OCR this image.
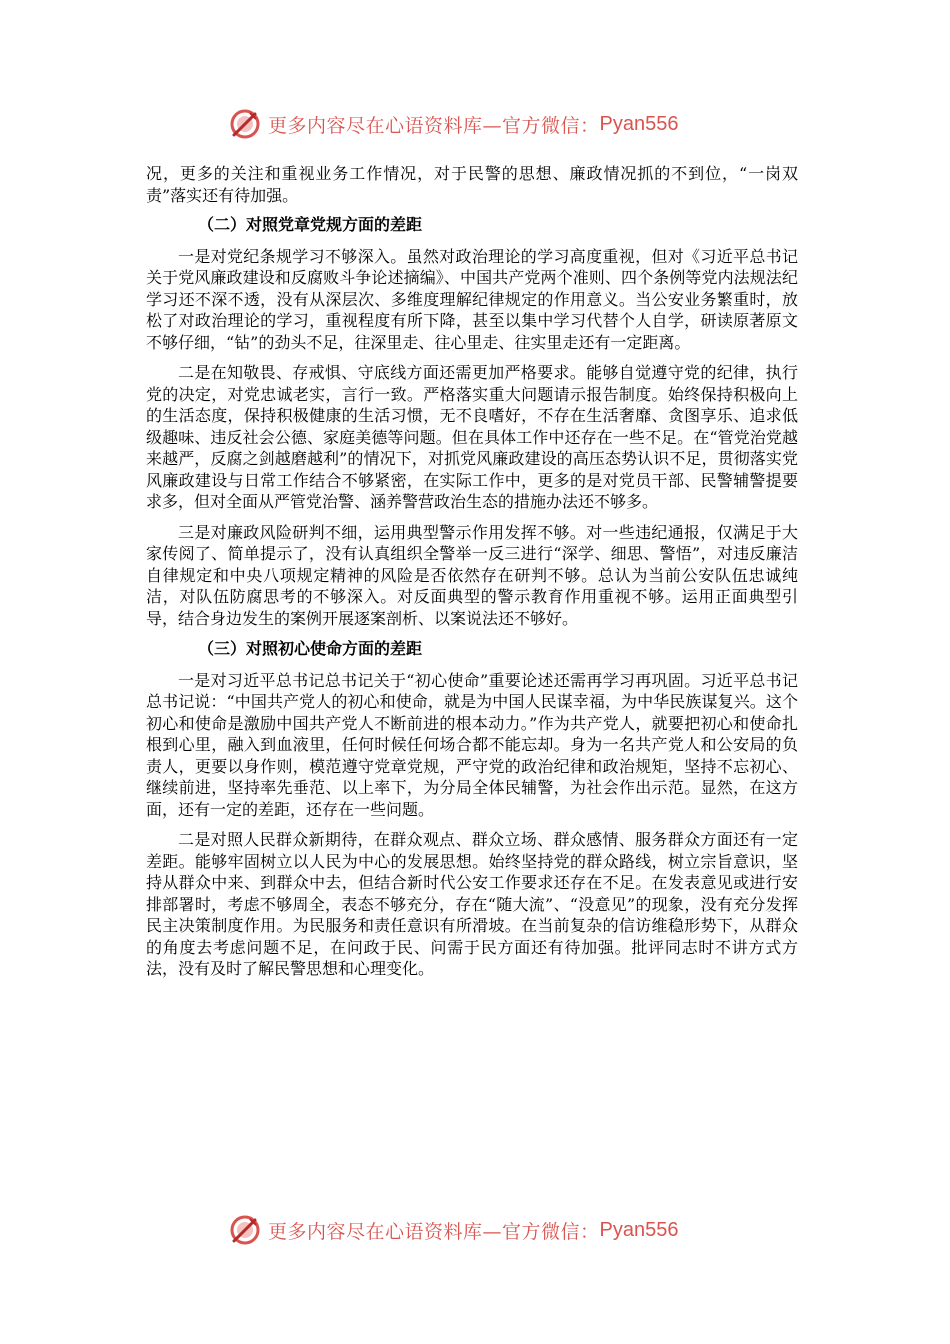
更多内容尽在心语资料库—官方微信： Pyan556

况，更多的关注和重视业务工作情况，对于民警的思想、廉政情况抓的不到位，“一岗双责”落实还有待加强。

（二）对照党章党规方面的差距

一是对党纪条规学习不够深入。虽然对政治理论的学习高度重视，但对《习近平总书记关于党风廉政建设和反腐败斗争论述摘编》、中国共产党两个准则、四个条例等党内法规法纪学习还不深不透，没有从深层次、多维度理解纪律规定的作用意义。当公安业务繁重时，放松了对政治理论的学习，重视程度有所下降，甚至以集中学习代替个人自学，研读原著原文不够仔细，“钻”的劲头不足，往深里走、往心里走、往实里走还有一定距离。

二是在知敬畏、存戒惧、守底线方面还需更加严格要求。能够自觉遵守党的纪律，执行党的决定，对党忠诚老实，言行一致。严格落实重大问题请示报告制度。始终保持积极向上的生活态度，保持积极健康的生活习惯，无不良嗜好，不存在生活奢靡、贪图享乐、追求低级趣味、违反社会公德、家庭美德等问题。但在具体工作中还存在一些不足。在“管党治党越来越严，反腐之剑越磨越利”的情况下，对抓党风廉政建设的高压态势认识不足，贯彻落实党风廉政建设与日常工作结合不够紧密，在实际工作中，更多的是对党员干部、民警辅警提要求多，但对全面从严管党治警、涵养警营政治生态的措施办法还不够多。

三是对廉政风险研判不细，运用典型警示作用发挥不够。对一些违纪通报，仅满足于大家传阅了、简单提示了，没有认真组织全警举一反三进行“深学、细思、警悟”，对违反廉洁自律规定和中央八项规定精神的风险是否依然存在研判不够。总认为当前公安队伍忠诚纯洁，对队伍防腐思考的不够深入。对反面典型的警示教育作用重视不够。运用正面典型引导，结合身边发生的案例开展逐案剖析、以案说法还不够好。

（三）对照初心使命方面的差距

一是对习近平总书记总书记关于“初心使命”重要论述还需再学习再巩固。习近平总书记总书记说：“中国共产党人的初心和使命，就是为中国人民谋幸福，为中华民族谋复兴。这个初心和使命是激励中国共产党人不断前进的根本动力。”作为共产党人，就要把初心和使命扎根到心里，融入到血液里，任何时候任何场合都不能忘却。身为一名共产党人和公安局的负责人，更要以身作则，模范遵守党章党规，严守党的政治纪律和政治规矩，坚持不忘初心、继续前进，坚持率先垂范、以上率下，为分局全体民辅警，为社会作出示范。显然，在这方面，还有一定的差距，还存在一些问题。

二是对照人民群众新期待，在群众观点、群众立场、群众感情、服务群众方面还有一定差距。能够牢固树立以人民为中心的发展思想。始终坚持党的群众路线，树立宗旨意识，坚持从群众中来、到群众中去，但结合新时代公安工作要求还存在不足。在发表意见或进行安排部署时，考虑不够周全，表态不够充分，存在“随大流”、“没意见”的现象，没有充分发挥民主决策制度作用。为民服务和责任意识有所滑坡。在当前复杂的信访维稳形势下，从群众的角度去考虑问题不足，在问政于民、问需于民方面还有待加强。批评同志时不讲方式方法，没有及时了解民警思想和心理变化。

更多内容尽在心语资料库—官方微信： Pyan556
